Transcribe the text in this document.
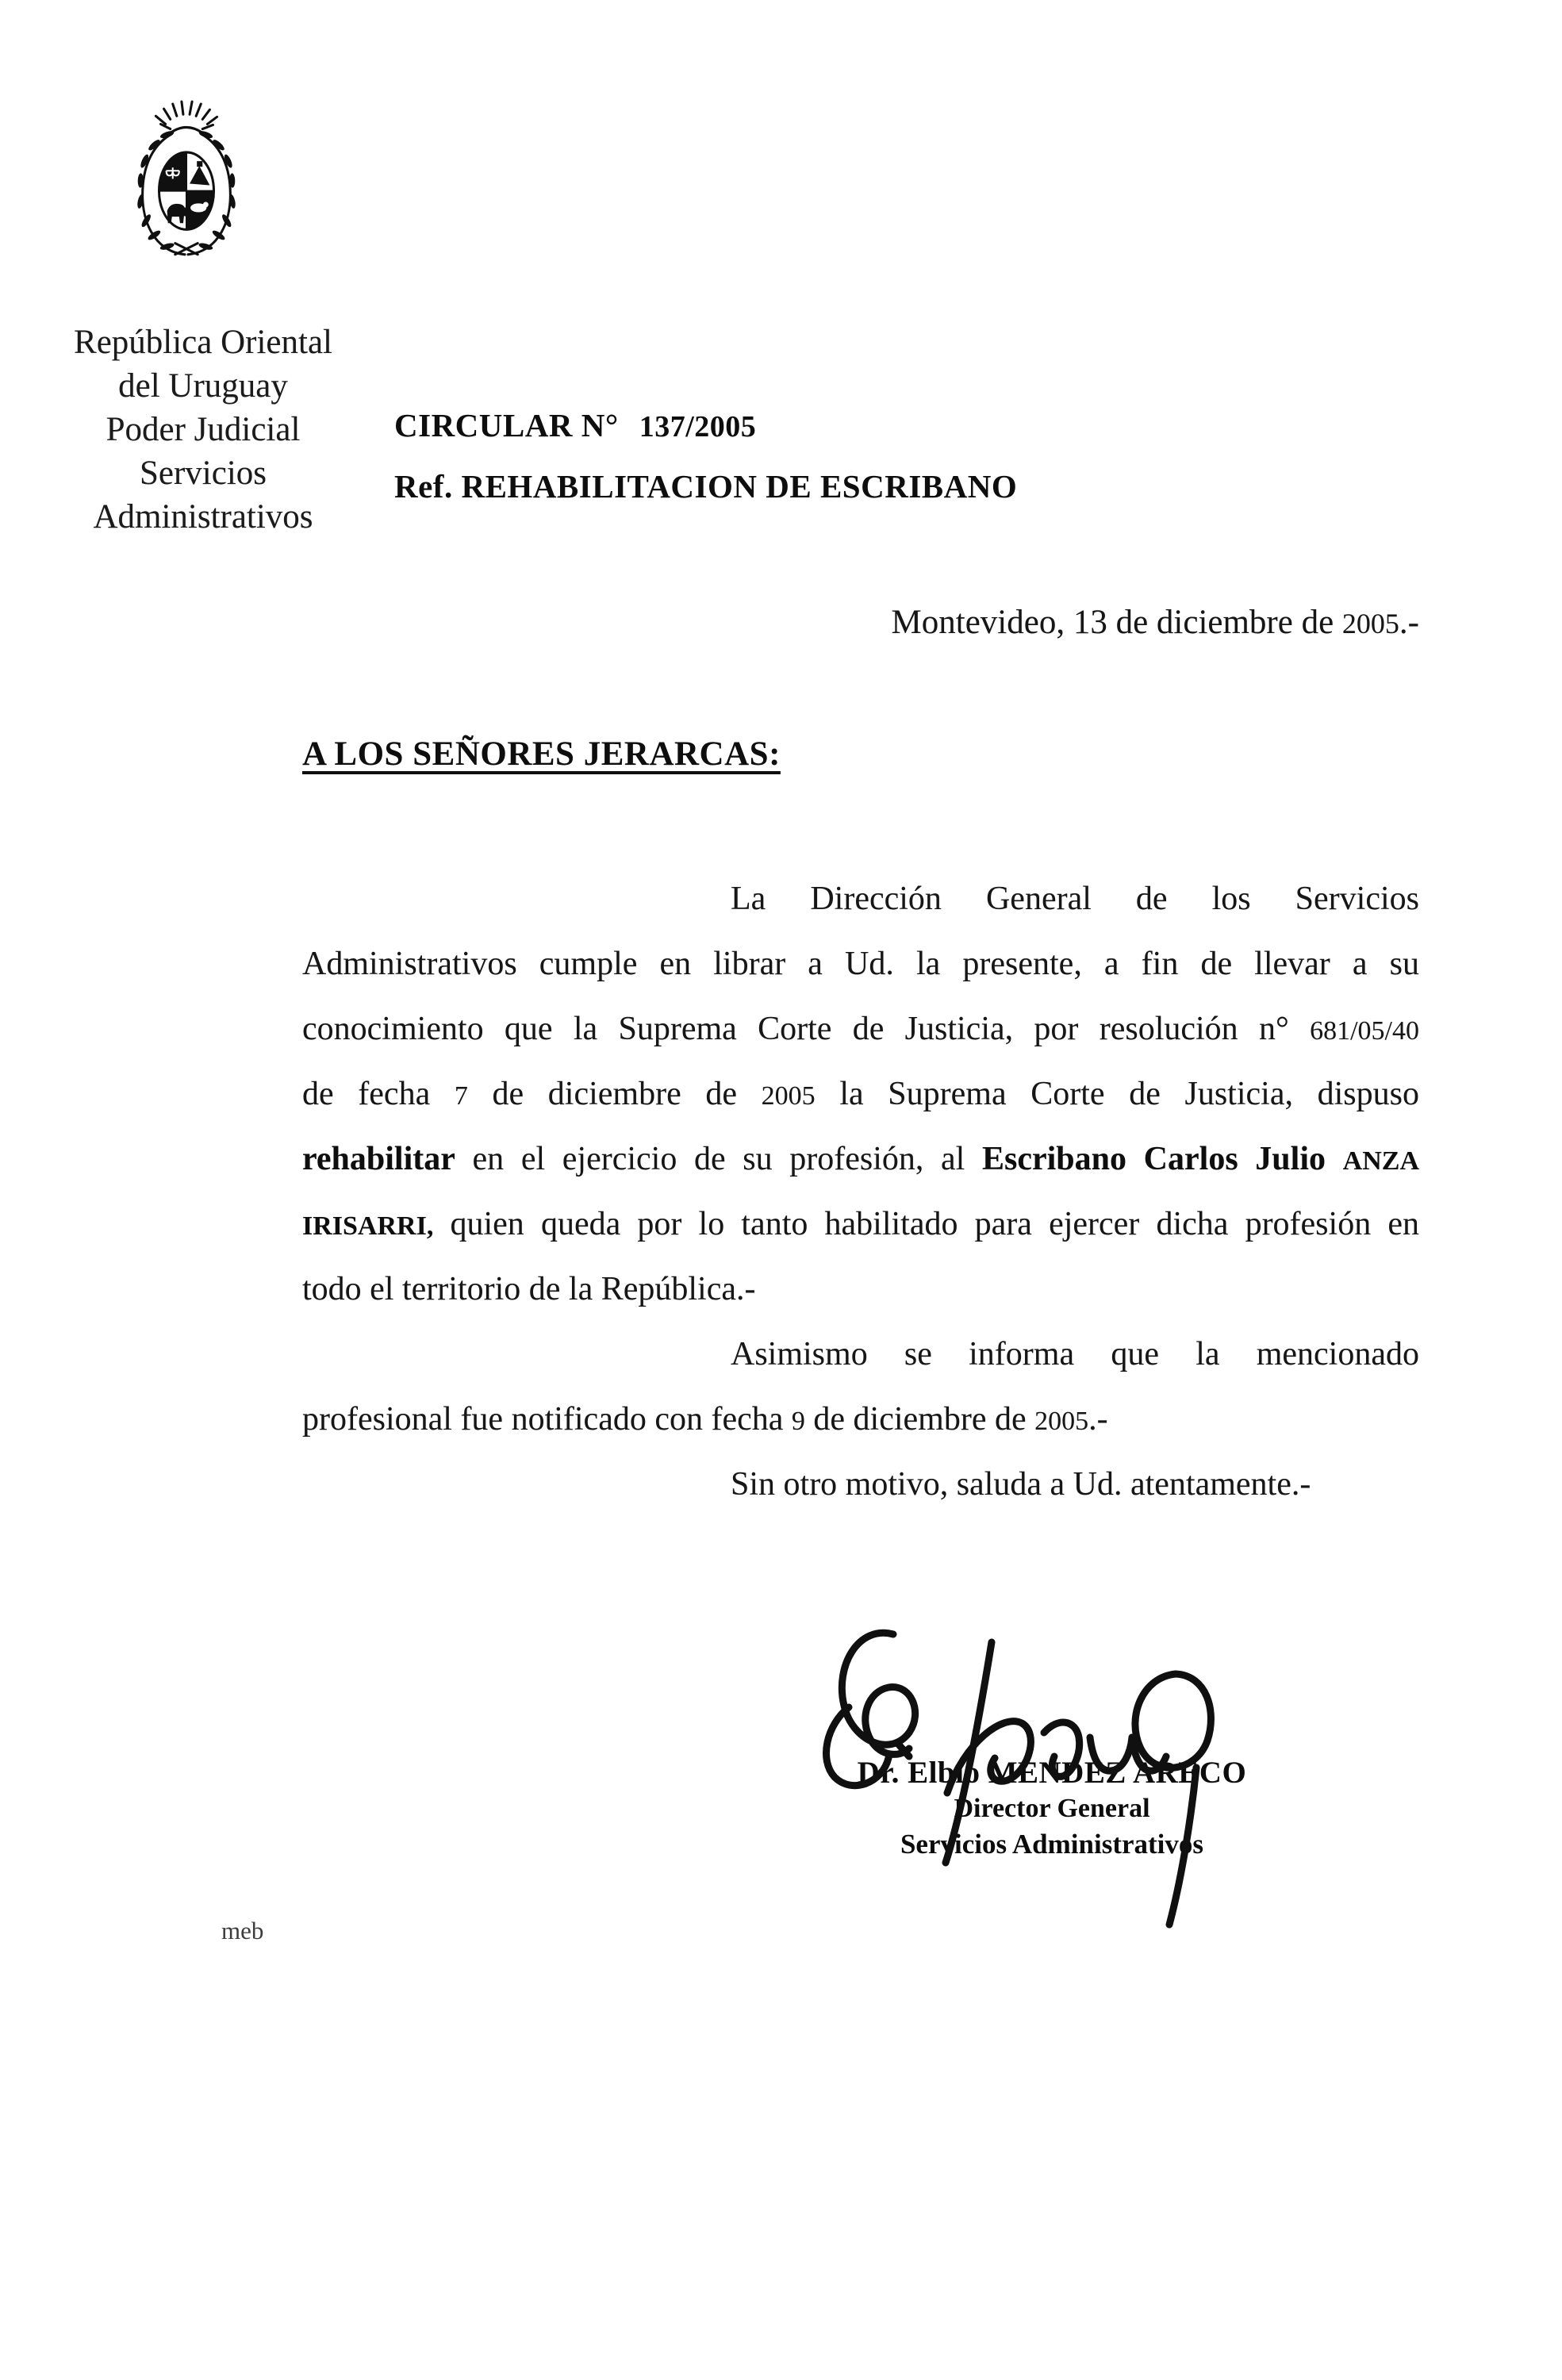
República Oriental
del Uruguay
Poder Judicial
Servicios
Administrativos
CIRCULAR N° 137/2005
Ref. REHABILITACION DE ESCRIBANO
Montevideo, 13 de diciembre de 2005.-
A LOS SEÑORES JERARCAS:
La Dirección General de los Servicios
Administrativos cumple en librar a Ud. la presente, a fin de llevar a su
conocimiento que la Suprema Corte de Justicia, por resolución n° 681/05/40
de fecha 7 de diciembre de 2005 la Suprema Corte de Justicia, dispuso
rehabilitar en el ejercicio de su profesión, al Escribano Carlos Julio ANZA
IRISARRI, quien queda por lo tanto habilitado para ejercer dicha profesión en
todo el territorio de la República.-
Asimismo se informa que la mencionado
profesional fue notificado con fecha 9 de diciembre de 2005.-
Sin otro motivo, saluda a Ud. atentamente.-
Dr. Elbio MENDEZ ARECO
Director General
Servicios Administrativos
meb
